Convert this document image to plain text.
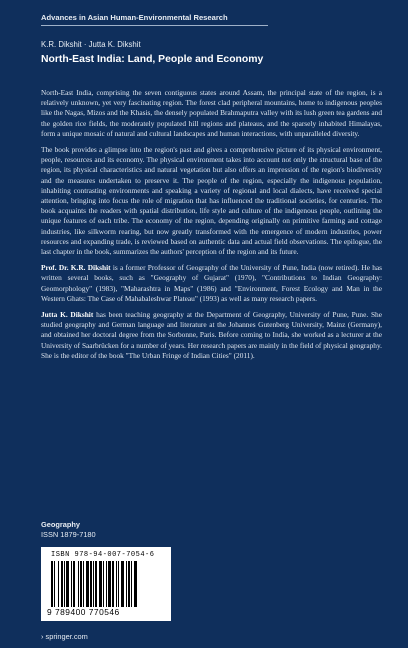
Advances in Asian Human-Environmental Research
K.R. Dikshit · Jutta K. Dikshit
North-East India: Land, People and Economy

North-East India, comprising the seven contiguous states around Assam, the principal state of the region, is a relatively unknown, yet very fascinating region. The forest clad peripheral mountains, home to indigenous peoples like the Nagas, Mizos and the Khasis, the densely populated Brahmaputra valley with its lush green tea gardens and the golden rice fields, the moderately populated hill regions and plateaus, and the sparsely inhabited Himalayas, form a unique mosaic of natural and cultural landscapes and human interactions, with unparalleled diversity.

The book provides a glimpse into the region's past and gives a comprehensive picture of its physical environment, people, resources and its economy. The physical environment takes into account not only the structural base of the region, its physical characteristics and natural vegetation but also offers an impression of the region's biodiversity and the measures undertaken to preserve it. The people of the region, especially the indigenous population, inhabiting contrasting environments and speaking a variety of regional and local dialects, have received special attention, bringing into focus the role of migration that has influenced the traditional societies, for centuries. The book acquaints the readers with spatial distribution, life style and culture of the indigenous people, outlining the unique features of each tribe. The economy of the region, depending originally on primitive farming and cottage industries, like silkworm rearing, but now greatly transformed with the emergence of modern industries, power resources and expanding trade, is reviewed based on authentic data and actual field observations. The epilogue, the last chapter in the book, summarizes the authors' perception of the region and its future.

Prof. Dr. K.R. Dikshit is a former Professor of Geography of the University of Pune, India (now retired). He has written several books, such as "Geography of Gujarat" (1970), "Contributions to Indian Geography: Geomorphology" (1983), "Maharashtra in Maps" (1986) and "Environment, Forest Ecology and Man in the Western Ghats: The Case of Mahabaleshwar Plateau" (1993) as well as many research papers.

Jutta K. Dikshit has been teaching geography at the Department of Geography, University of Pune, Pune. She studied geography and German language and literature at the Johannes Gutenberg University, Mainz (Germany), and obtained her doctoral degree from the Sorbonne, Paris. Before coming to India, she worked as a lecturer at the University of Saarbrücken for a number of years. Her research papers are mainly in the field of physical geography. She is the editor of the book "The Urban Fringe of Indian Cities" (2011).

Geography
ISSN 1879-7180
ISBN 978-94-007-7054-6
9 789400 770546
› springer.com
